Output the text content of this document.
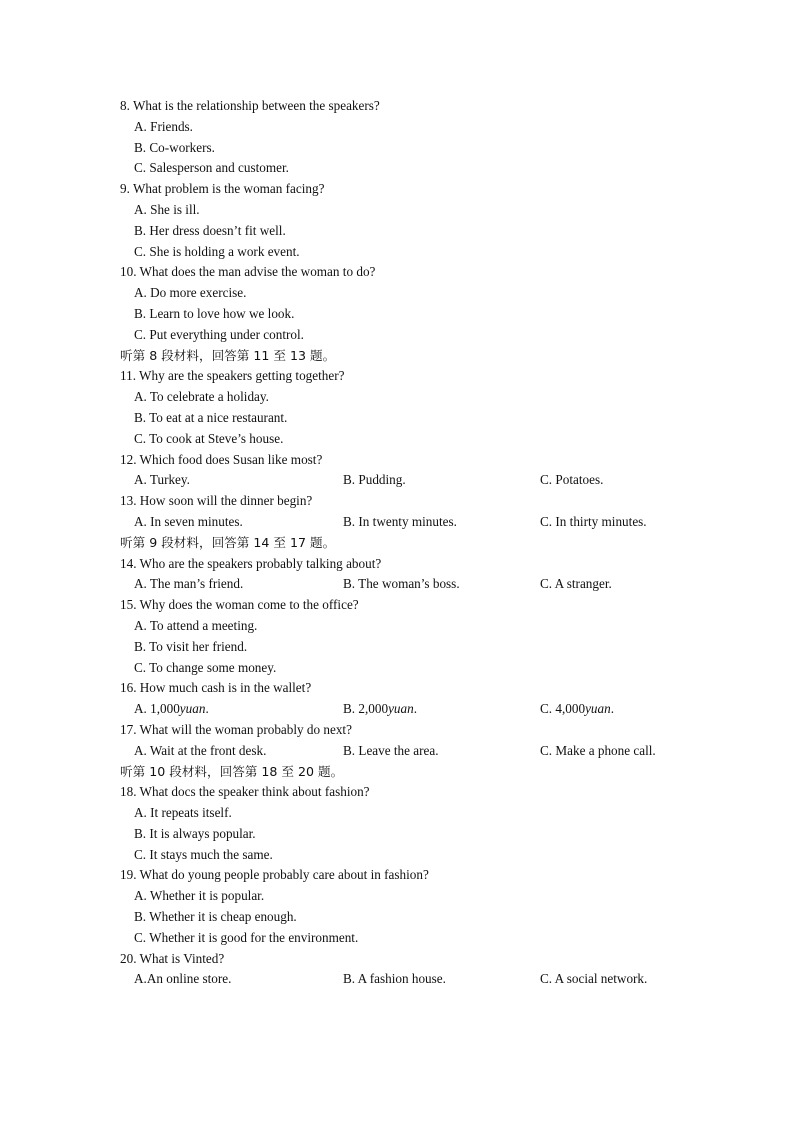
8. What is the relationship between the speakers?
A. Friends.
B. Co-workers.
C. Salesperson and customer.
9. What problem is the woman facing?
A. She is ill.
B. Her dress doesn’t fit well.
C. She is holding a work event.
10. What does the man advise the woman to do?
A. Do more exercise.
B. Learn to love how we look.
C. Put everything under control.
听第 8 段材料，回答第 11 至 13 题。
11. Why are the speakers getting together?
A. To celebrate a holiday.
B. To eat at a nice restaurant.
C. To cook at Steve’s house.
12. Which food does Susan like most?
A. Turkey.	B. Pudding.	C. Potatoes.
13. How soon will the dinner begin?
A. In seven minutes.	B. In twenty minutes.	C. In thirty minutes.
听第 9 段材料，回答第 14 至 17 题。
14. Who are the speakers probably talking about?
A. The man’s friend.	B. The woman’s boss.	C. A stranger.
15. Why does the woman come to the office?
A. To attend a meeting.
B. To visit her friend.
C. To change some money.
16. How much cash is in the wallet?
A. 1,000yuan.	B. 2,000yuan.	C. 4,000yuan.
17. What will the woman probably do next?
A. Wait at the front desk.	B. Leave the area.	C. Make a phone call.
听第 10 段材料，回答第 18 至 20 题。
18. What docs the speaker think about fashion?
A. It repeats itself.
B. It is always popular.
C. It stays much the same.
19. What do young people probably care about in fashion?
A. Whether it is popular.
B. Whether it is cheap enough.
C. Whether it is good for the environment.
20. What is Vinted?
A.An online store.	B. A fashion house.	C. A social network.
